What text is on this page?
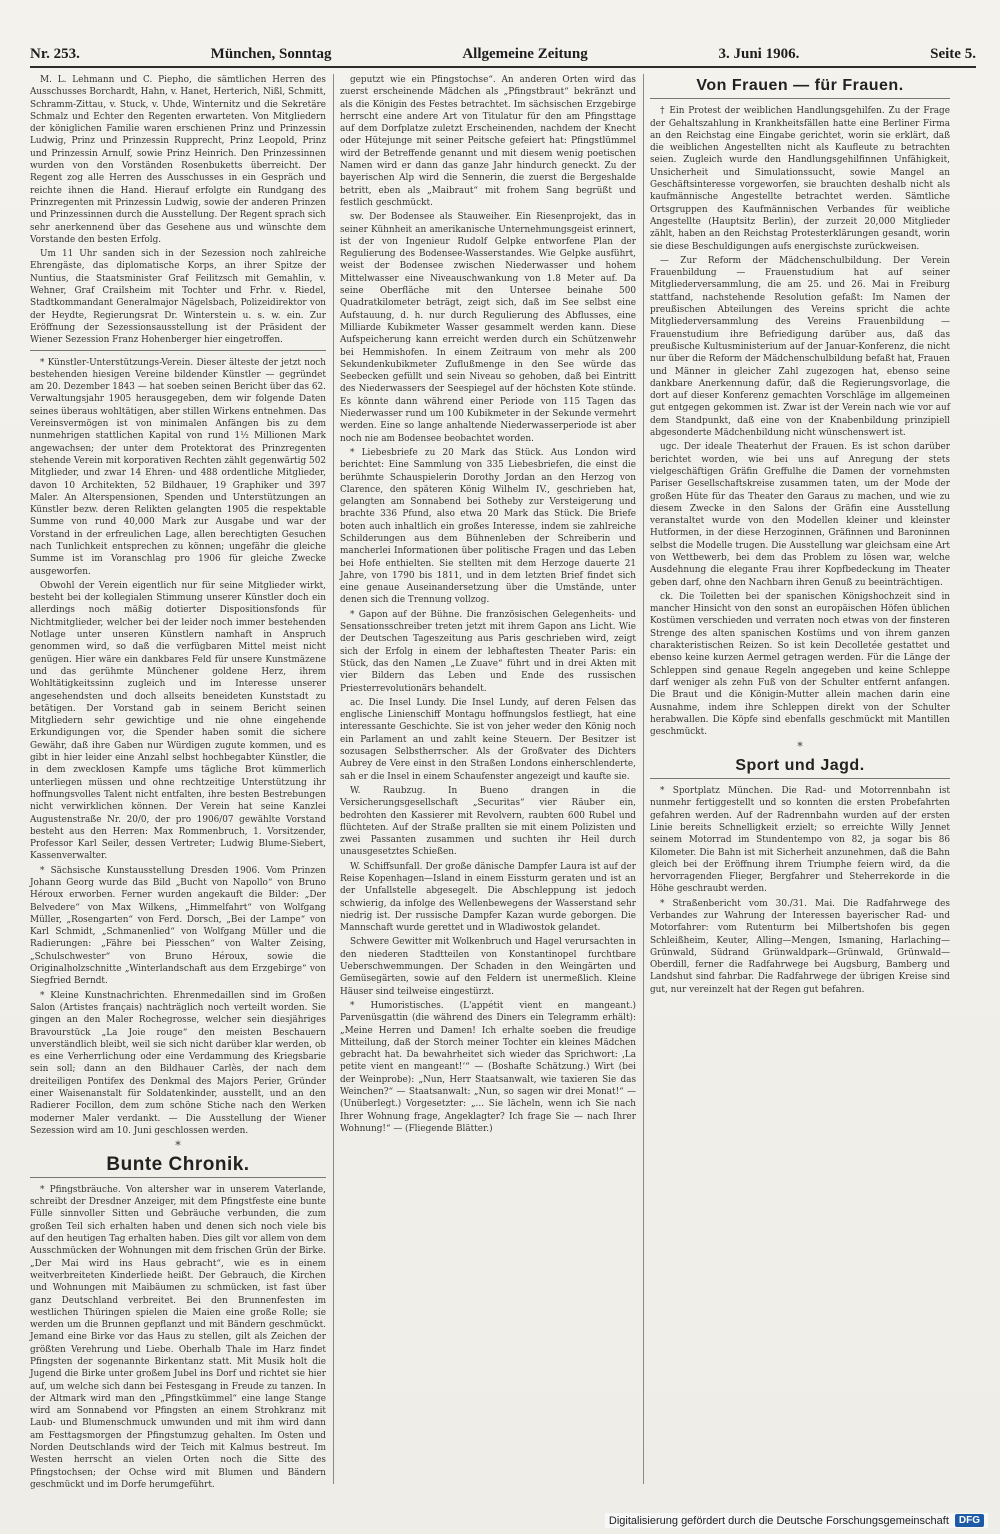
Nr. 253.	München, Sonntag	Allgemeine Zeitung	3. Juni 1906.	Seite 5.

M. L. Lehmann und C. Piepho, die sämtlichen Herren des Ausschusses Borchardt, Hahn, v. Hanet, Herterich, Nißl, Schmitt, Schramm-Zittau, v. Stuck, v. Uhde, Winternitz und die Sekretäre Schmalz und Echter den Regenten erwarteten. Von Mitgliedern der königlichen Familie waren erschienen Prinz und Prinzessin Ludwig, Prinz und Prinzessin Rupprecht, Prinz Leopold, Prinz und Prinzessin Arnulf, sowie Prinz Heinrich. Den Prinzessinnen wurden von den Vorständen Rosenbuketts überreicht. Der Regent zog alle Herren des Ausschusses in ein Gespräch und reichte ihnen die Hand. Hierauf erfolgte ein Rundgang des Prinzregenten mit Prinzessin Ludwig, sowie der anderen Prinzen und Prinzessinnen durch die Ausstellung. Der Regent sprach sich sehr anerkennend über das Gesehene aus und wünschte dem Vorstande den besten Erfolg.

Um 11 Uhr sanden sich in der Sezession noch zahlreiche Ehrengäste, das diplomatische Korps, an ihrer Spitze der Nuntius, die Staatsminister Graf Feilitzsch mit Gemahlin, v. Wehner, Graf Crailsheim mit Tochter und Frhr. v. Riedel, Stadtkommandant Generalmajor Nägelsbach, Polizeidirektor von der Heydte, Regierungsrat Dr. Winterstein u. s. w. ein. Zur Eröffnung der Sezessionsausstellung ist der Präsident der Wiener Sezession Franz Hohenberger hier eingetroffen.

* Künstler-Unterstützungs-Verein. Dieser älteste der jetzt noch bestehenden hiesigen Vereine bildender Künstler — gegründet am 20. Dezember 1843 — hat soeben seinen Bericht über das 62. Verwaltungsjahr 1905 herausgegeben, dem wir folgende Daten seines überaus wohltätigen, aber stillen Wirkens entnehmen. Das Vereinsvermögen ist von minimalen Anfängen bis zu dem nunmehrigen stattlichen Kapital von rund 1½ Millionen Mark angewachsen; der unter dem Protektorat des Prinzregenten stehende Verein mit korporativen Rechten zählt gegenwärtig 502 Mitglieder, und zwar 14 Ehren- und 488 ordentliche Mitglieder, davon 10 Architekten, 52 Bildhauer, 19 Graphiker und 397 Maler. An Alterspensionen, Spenden und Unterstützungen an Künstler bezw. deren Relikten gelangten 1905 die respektable Summe von rund 40,000 Mark zur Ausgabe und war der Vorstand in der erfreulichen Lage, allen berechtigten Gesuchen nach Tunlichkeit entsprechen zu können; ungefähr die gleiche Summe ist im Voranschlag pro 1906 für gleiche Zwecke ausgeworfen.

Obwohl der Verein eigentlich nur für seine Mitglieder wirkt, besteht bei der kollegialen Stimmung unserer Künstler doch ein allerdings noch mäßig dotierter Dispositionsfonds für Nichtmitglieder, welcher bei der leider noch immer bestehenden Notlage unter unseren Künstlern namhaft in Anspruch genommen wird, so daß die verfügbaren Mittel meist nicht genügen. Hier wäre ein dankbares Feld für unsere Kunstmäzene und das gerühmte Münchener goldene Herz, ihrem Wohltätigkeitssinn zugleich und im Interesse unserer angesehendsten und doch allseits beneideten Kunststadt zu betätigen. Der Vorstand gab in seinem Bericht seinen Mitgliedern sehr gewichtige und nie ohne eingehende Erkundigungen vor, die Spender haben somit die sichere Gewähr, daß ihre Gaben nur Würdigen zugute kommen, und es gibt in hier leider eine Anzahl selbst hochbegabter Künstler, die in dem zwecklosen Kampfe ums tägliche Brot kümmerlich unterliegen müssen und ohne rechtzeitige Unterstützung ihr hoffnungsvolles Talent nicht entfalten, ihre besten Bestrebungen nicht verwirklichen können. Der Verein hat seine Kanzlei Augustenstraße Nr. 20/0, der pro 1906/07 gewählte Vorstand besteht aus den Herren: Max Rommenbruch, 1. Vorsitzender, Professor Karl Seiler, dessen Vertreter; Ludwig Blume-Siebert, Kassenverwalter.

* Sächsische Kunstausstellung Dresden 1906. Vom Prinzen Johann Georg wurde das Bild „Bucht von Napollo“ von Bruno Héroux erworben. Ferner wurden angekauft die Bilder: „Der Belvedere“ von Max Wilkens, „Himmelfahrt“ von Wolfgang Müller, „Rosengarten“ von Ferd. Dorsch, „Bei der Lampe“ von Karl Schmidt, „Schmanenlied“ von Wolfgang Müller und die Radierungen: „Fähre bei Piesschen“ von Walter Zeising, „Schulschwester“ von Bruno Héroux, sowie die Originalholzschnitte „Winterlandschaft aus dem Erzgebirge“ von Siegfried Berndt.

* Kleine Kunstnachrichten. Ehrenmedaillen sind im Großen Salon (Artistes français) nachträglich noch verteilt worden. Sie gingen an den Maler Rochegrosse, welcher sein diesjähriges Bravourstück „La Joie rouge“ den meisten Beschauern unverständlich bleibt, weil sie sich nicht darüber klar werden, ob es eine Verherrlichung oder eine Verdammung des Kriegsbarie sein soll; dann an den Bildhauer Carlès, der nach dem dreiteiligen Pontifex des Denkmal des Majors Perier, Gründer einer Waisenanstalt für Soldatenkinder, ausstellt, und an den Radierer Focillon, dem zum schöne Stiche nach den Werken moderner Maler verdankt. — Die Ausstellung der Wiener Sezession wird am 10. Juni geschlossen werden.

*
Bunte Chronik.

* Pfingstbräuche. Von altersher war in unserem Vaterlande, schreibt der Dresdner Anzeiger, mit dem Pfingstfeste eine bunte Fülle sinnvoller Sitten und Gebräuche verbunden, die zum großen Teil sich erhalten haben und denen sich noch viele bis auf den heutigen Tag erhalten haben. Dies gilt vor allem von dem Ausschmücken der Wohnungen mit dem frischen Grün der Birke. „Der Mai wird ins Haus gebracht“, wie es in einem weitverbreiteten Kinderliede heißt. Der Gebrauch, die Kirchen und Wohnungen mit Maibäumen zu schmücken, ist fast über ganz Deutschland verbreitet. Bei den Brunnenfesten im westlichen Thüringen spielen die Maien eine große Rolle; sie werden um die Brunnen gepflanzt und mit Bändern geschmückt. Jemand eine Birke vor das Haus zu stellen, gilt als Zeichen der größten Verehrung und Liebe. Oberhalb Thale im Harz findet Pfingsten der sogenannte Birkentanz statt. Mit Musik holt die Jugend die Birke unter großem Jubel ins Dorf und richtet sie hier auf, um welche sich dann bei Festesgang in Freude zu tanzen. In der Altmark wird man den „Pfingstkümmel“ eine lange Stange wird am Sonnabend vor Pfingsten an einem Strohkranz mit Laub- und Blumenschmuck umwunden und mit ihm wird dann am Festtagsmorgen der Pfingstumzug gehalten. Im Osten und Norden Deutschlands wird der Teich mit Kalmus bestreut. Im Westen herrscht an vielen Orten noch die Sitte des Pfingstochsen; der Ochse wird mit Blumen und Bändern geschmückt und im Dorfe herumgeführt.

geputzt wie ein Pfingstochse“. An anderen Orten wird das zuerst erscheinende Mädchen als „Pfingstbraut“ bekränzt und als die Königin des Festes betrachtet. Im sächsischen Erzgebirge herrscht eine andere Art von Titulatur für den am Pfingsttage auf dem Dorfplatze zuletzt Erscheinenden, nachdem der Knecht oder Hütejunge mit seiner Peitsche gefeiert hat: Pfingstlümmel wird der Betreffende genannt und mit diesem wenig poetischen Namen wird er dann das ganze Jahr hindurch geneckt. Zu der bayerischen Alp wird die Sennerin, die zuerst die Bergeshalde betritt, eben als „Maibraut“ mit frohem Sang begrüßt und festlich geschmückt.

sw. Der Bodensee als Stauweiher. Ein Riesenprojekt, das in seiner Kühnheit an amerikanische Unternehmungsgeist erinnert, ist der von Ingenieur Rudolf Gelpke entworfene Plan der Regulierung des Bodensee-Wasserstandes. Wie Gelpke ausführt, weist der Bodensee zwischen Niederwasser und hohem Mittelwasser eine Niveauschwankung von 1.8 Meter auf. Da seine Oberfläche mit den Untersee beinahe 500 Quadratkilometer beträgt, zeigt sich, daß im See selbst eine Aufstauung, d. h. nur durch Regulierung des Abflusses, eine Milliarde Kubikmeter Wasser gesammelt werden kann. Diese Aufspeicherung kann erreicht werden durch ein Schützenwehr bei Hemmishofen. In einem Zeitraum von mehr als 200 Sekundenkubikmeter Zuflußmenge in den See würde das Seebecken gefüllt und sein Niveau so gehoben, daß bei Eintritt des Niederwassers der Seespiegel auf der höchsten Kote stünde. Es könnte dann während einer Periode von 115 Tagen das Niederwasser rund um 100 Kubikmeter in der Sekunde vermehrt werden. Eine so lange anhaltende Niederwasserperiode ist aber noch nie am Bodensee beobachtet worden.

* Liebesbriefe zu 20 Mark das Stück. Aus London wird berichtet: Eine Sammlung von 335 Liebesbriefen, die einst die berühmte Schauspielerin Dorothy Jordan an den Herzog von Clarence, den späteren König Wilhelm IV., geschrieben hat, gelangten am Sonnabend bei Sotheby zur Versteigerung und brachte 336 Pfund, also etwa 20 Mark das Stück. Die Briefe boten auch inhaltlich ein großes Interesse, indem sie zahlreiche Schilderungen aus dem Bühnenleben der Schreiberin und mancherlei Informationen über politische Fragen und das Leben bei Hofe enthielten. Sie stellten mit dem Herzoge dauerte 21 Jahre, von 1790 bis 1811, und in dem letzten Brief findet sich eine genaue Auseinandersetzung über die Umstände, unter denen sich die Trennung vollzog.

* Gapon auf der Bühne. Die französischen Gelegenheits- und Sensationsschreiber treten jetzt mit ihrem Gapon ans Licht. Wie der Deutschen Tageszeitung aus Paris geschrieben wird, zeigt sich der Erfolg in einem der lebhaftesten Theater Paris: ein Stück, das den Namen „Le Zuave“ führt und in drei Akten mit vier Bildern das Leben und Ende des russischen Priesterrevolutionärs behandelt.

ac. Die Insel Lundy. Die Insel Lundy, auf deren Felsen das englische Linienschiff Montagu hoffnungslos festliegt, hat eine interessante Geschichte. Sie ist von jeher weder den König noch ein Parlament an und zahlt keine Steuern. Der Besitzer ist sozusagen Selbstherrscher. Als der Großvater des Dichters Aubrey de Vere einst in den Straßen Londons einherschlenderte, sah er die Insel in einem Schaufenster angezeigt und kaufte sie.

W. Raubzug. In Bueno drangen in die Versicherungsgesellschaft „Securitas“ vier Räuber ein, bedrohten den Kassierer mit Revolvern, raubten 600 Rubel und flüchteten. Auf der Straße prallten sie mit einem Polizisten und zwei Passanten zusammen und suchten ihr Heil durch unausgesetztes Schießen.

W. Schiffsunfall. Der große dänische Dampfer Laura ist auf der Reise Kopenhagen—Island in einem Eissturm geraten und ist an der Unfallstelle abgesegelt. Die Abschleppung ist jedoch schwierig, da infolge des Wellenbewegens der Wasserstand sehr niedrig ist. Der russische Dampfer Kazan wurde geborgen. Die Mannschaft wurde gerettet und in Wladiwostok gelandet.

Schwere Gewitter mit Wolkenbruch und Hagel verursachten in den niederen Stadtteilen von Konstantinopel furchtbare Ueberschwemmungen. Der Schaden in den Weingärten und Gemüsegärten, sowie auf den Feldern ist unermeßlich. Kleine Häuser sind teilweise eingestürzt.

* Humoristisches. (L'appétit vient en mangeant.) Parvenüsgattin (die während des Diners ein Telegramm erhält): „Meine Herren und Damen! Ich erhalte soeben die freudige Mitteilung, daß der Storch meiner Tochter ein kleines Mädchen gebracht hat. Da bewahrheitet sich wieder das Sprichwort: ‚La petite vient en mangeant!‘“ — (Boshafte Schätzung.) Wirt (bei der Weinprobe): „Nun, Herr Staatsanwalt, wie taxieren Sie das Weinchen?“ — Staatsanwalt: „Nun, so sagen wir drei Monat!“ — (Unüberlegt.) Vorgesetzter: „... Sie lächeln, wenn ich Sie nach Ihrer Wohnung frage, Angeklagter? Ich frage Sie — nach Ihrer Wohnung!“ — (Fliegende Blätter.)

Von Frauen — für Frauen.

† Ein Protest der weiblichen Handlungsgehilfen. Zu der Frage der Gehaltszahlung in Krankheitsfällen hatte eine Berliner Firma an den Reichstag eine Eingabe gerichtet, worin sie erklärt, daß die weiblichen Angestellten nicht als Kaufleute zu betrachten seien. Zugleich wurde den Handlungsgehilfinnen Unfähigkeit, Unsicherheit und Simulationssucht, sowie Mangel an Geschäftsinteresse vorgeworfen, sie brauchten deshalb nicht als kaufmännische Angestellte betrachtet werden. Sämtliche Ortsgruppen des Kaufmännischen Verbandes für weibliche Angestellte (Hauptsitz Berlin), der zurzeit 20,000 Mitglieder zählt, haben an den Reichstag Protesterklärungen gesandt, worin sie diese Beschuldigungen aufs energischste zurückweisen.

— Zur Reform der Mädchenschulbildung. Der Verein Frauenbildung — Frauenstudium hat auf seiner Mitgliederversammlung, die am 25. und 26. Mai in Freiburg stattfand, nachstehende Resolution gefaßt: Im Namen der preußischen Abteilungen des Vereins spricht die achte Mitgliederversammlung des Vereins Frauenbildung — Frauenstudium ihre Befriedigung darüber aus, daß das preußische Kultusministerium auf der Januar-Konferenz, die nicht nur über die Reform der Mädchenschulbildung befaßt hat, Frauen und Männer in gleicher Zahl zugezogen hat, ebenso seine dankbare Anerkennung dafür, daß die Regierungsvorlage, die dort auf dieser Konferenz gemachten Vorschläge im allgemeinen gut entgegen gekommen ist. Zwar ist der Verein nach wie vor auf dem Standpunkt, daß eine von der Knabenbildung prinzipiell abgesonderte Mädchenbildung nicht wünschenswert ist.

ugc. Der ideale Theaterhut der Frauen. Es ist schon darüber berichtet worden, wie bei uns auf Anregung der stets vielgeschäftigen Gräfin Greffulhe die Damen der vornehmsten Pariser Gesellschaftskreise zusammen taten, um der Mode der großen Hüte für das Theater den Garaus zu machen, und wie zu diesem Zwecke in den Salons der Gräfin eine Ausstellung veranstaltet wurde von den Modellen kleiner und kleinster Hutformen, in der diese Herzoginnen, Gräfinnen und Baroninnen selbst die Modelle trugen. Die Ausstellung war gleichsam eine Art von Wettbewerb, bei dem das Problem zu lösen war, welche Ausdehnung die elegante Frau ihrer Kopfbedeckung im Theater geben darf, ohne den Nachbarn ihren Genuß zu beeinträchtigen.

ck. Die Toiletten bei der spanischen Königshochzeit sind in mancher Hinsicht von den sonst an europäischen Höfen üblichen Kostümen verschieden und verraten noch etwas von der finsteren Strenge des alten spanischen Kostüms und von ihrem ganzen charakteristischen Reizen. So ist kein Decolletée gestattet und ebenso keine kurzen Aermel getragen werden. Für die Länge der Schleppen sind genaue Regeln angegeben und keine Schleppe darf weniger als zehn Fuß von der Schulter entfernt anfangen. Die Braut und die Königin-Mutter allein machen darin eine Ausnahme, indem ihre Schleppen direkt von der Schulter herabwallen. Die Köpfe sind ebenfalls geschmückt mit Mantillen geschmückt.

*
Sport und Jagd.

* Sportplatz München. Die Rad- und Motorrennbahn ist nunmehr fertiggestellt und so konnten die ersten Probefahrten gefahren werden. Auf der Radrennbahn wurden auf der ersten Linie bereits Schnelligkeit erzielt; so erreichte Willy Jennet seinem Motorrad im Stundentempo von 82, ja sogar bis 86 Kilometer. Die Bahn ist mit Sicherheit anzunehmen, daß die Bahn gleich bei der Eröffnung ihrem Triumphe feiern wird, da die hervorragenden Flieger, Bergfahrer und Steherrekorde in die Höhe geschraubt werden.

* Straßenbericht vom 30./31. Mai. Die Radfahrwege des Verbandes zur Wahrung der Interessen bayerischer Rad- und Motorfahrer: vom Rutenturm bei Milbertshofen bis gegen Schleißheim, Keuter, Alling—Mengen, Ismaning, Harlaching—Grünwald, Südrand Grünwaldpark—Grünwald, Grünwald—Oberdill, ferner die Radfahrwege bei Augsburg, Bamberg und Landshut sind fahrbar. Die Radfahrwege der übrigen Kreise sind gut, nur vereinzelt hat der Regen gut befahren.

Digitalisierung gefördert durch die Deutsche Forschungsgemeinschaft	DFG
